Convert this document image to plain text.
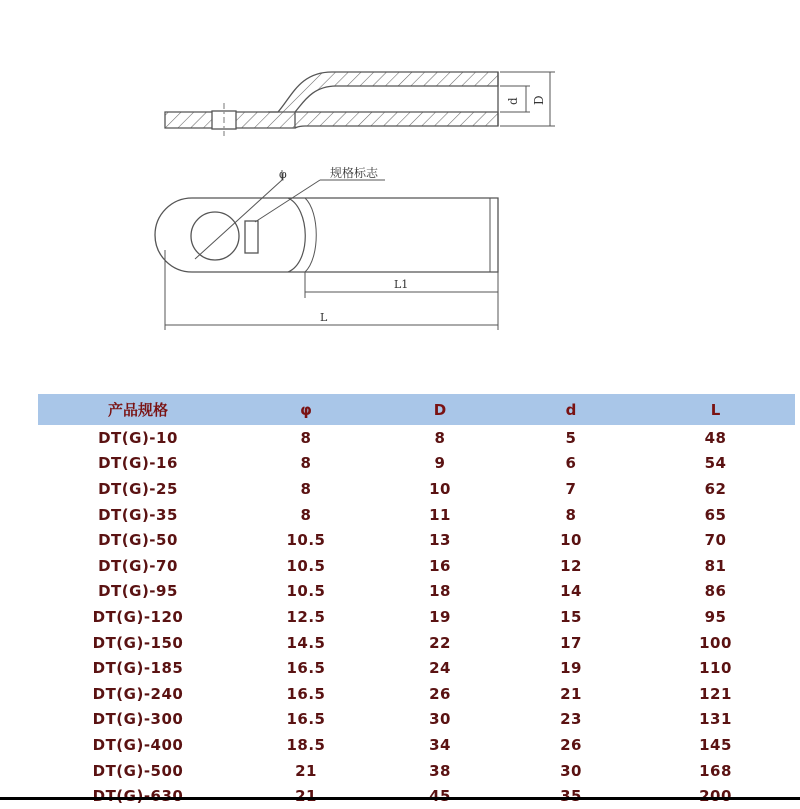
d D
φ	规格标志
L1
L
产品规格	φ	D	d	L
DT(G)-10	8	8	5	48
DT(G)-16	8	9	6	54
DT(G)-25	8	10	7	62
DT(G)-35	8	11	8	65
DT(G)-50	10.5	13	10	70
DT(G)-70	10.5	16	12	81
DT(G)-95	10.5	18	14	86
DT(G)-120	12.5	19	15	95
DT(G)-150	14.5	22	17	100
DT(G)-185	16.5	24	19	110
DT(G)-240	16.5	26	21	121
DT(G)-300	16.5	30	23	131
DT(G)-400	18.5	34	26	145
DT(G)-500	21	38	30	168
